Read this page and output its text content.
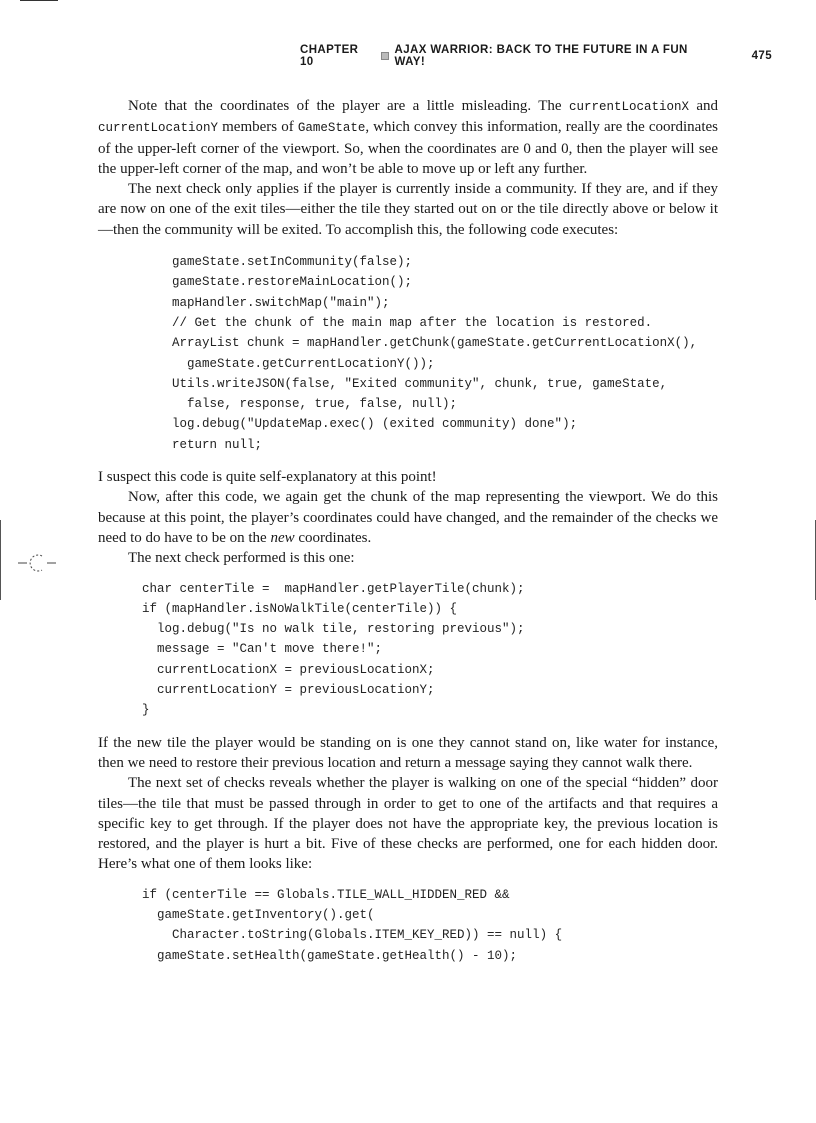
CHAPTER 10
AJAX WARRIOR: BACK TO THE FUTURE IN A FUN WAY!	475

Note that the coordinates of the player are a little misleading. The currentLocationX and currentLocationY members of GameState, which convey this information, really are the coordinates of the upper-left corner of the viewport. So, when the coordinates are 0 and 0, then the player will see the upper-left corner of the map, and won’t be able to move up or left any further.

The next check only applies if the player is currently inside a community. If they are, and if they are now on one of the exit tiles—either the tile they started out on or the tile directly above or below it—then the community will be exited. To accomplish this, the following code executes:

gameState.setInCommunity(false);
gameState.restoreMainLocation();
mapHandler.switchMap("main");
// Get the chunk of the main map after the location is restored.
ArrayList chunk = mapHandler.getChunk(gameState.getCurrentLocationX(),
gameState.getCurrentLocationY());
Utils.writeJSON(false, "Exited community", chunk, true, gameState,
false, response, true, false, null);
log.debug("UpdateMap.exec() (exited community) done");
return null;

I suspect this code is quite self-explanatory at this point!

Now, after this code, we again get the chunk of the map representing the viewport. We do this because at this point, the player’s coordinates could have changed, and the remainder of the checks we need to do have to be on the new coordinates.

The next check performed is this one:

char centerTile =  mapHandler.getPlayerTile(chunk);
if (mapHandler.isNoWalkTile(centerTile)) {
log.debug("Is no walk tile, restoring previous");
message = "Can't move there!";
currentLocationX = previousLocationX;
currentLocationY = previousLocationY;
}

If the new tile the player would be standing on is one they cannot stand on, like water for instance, then we need to restore their previous location and return a message saying they cannot walk there.

The next set of checks reveals whether the player is walking on one of the special “hidden” door tiles—the tile that must be passed through in order to get to one of the artifacts and that requires a specific key to get through. If the player does not have the appropriate key, the previous location is restored, and the player is hurt a bit. Five of these checks are performed, one for each hidden door. Here’s what one of them looks like:

if (centerTile == Globals.TILE_WALL_HIDDEN_RED &&
gameState.getInventory().get(
Character.toString(Globals.ITEM_KEY_RED)) == null) {
gameState.setHealth(gameState.getHealth() - 10);
